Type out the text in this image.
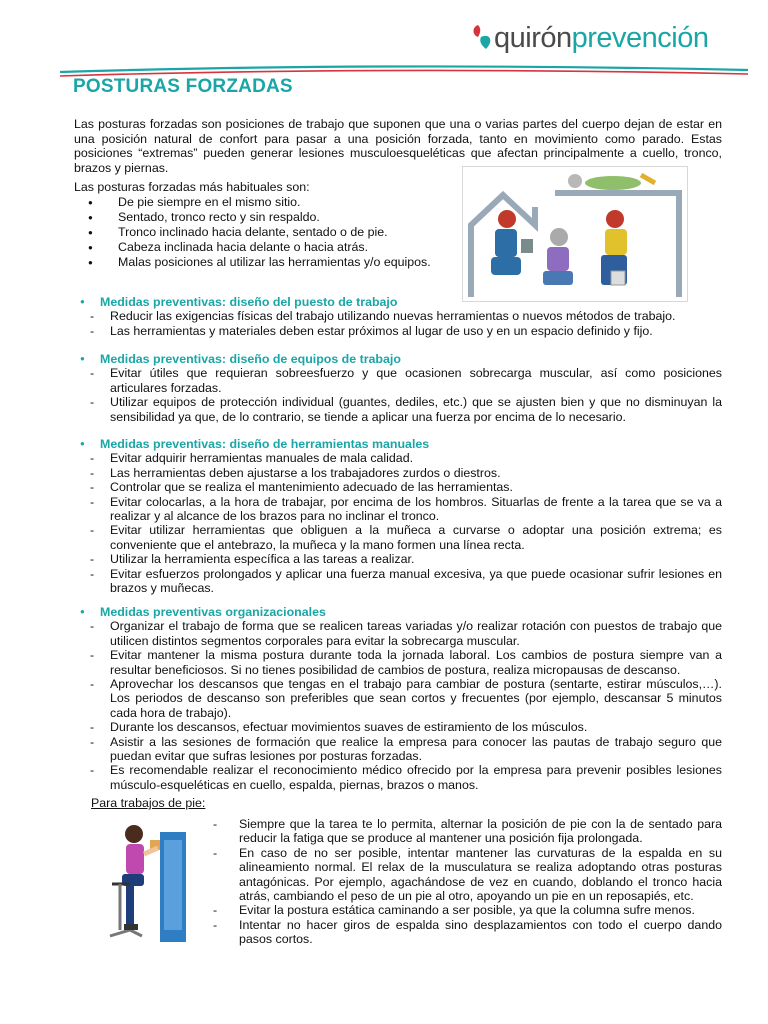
quirónprevención
POSTURAS FORZADAS
Las posturas forzadas son posiciones de trabajo que suponen que una o varias partes del cuerpo dejan de estar en una posición natural de confort para pasar a una posición forzada, tanto en movimiento como parado. Estas posiciones “extremas” pueden generar lesiones musculoesqueléticas que afectan principalmente a cuello, tronco, brazos y piernas.
Las posturas forzadas más habituales son:
● De pie siempre en el mismo sitio.
● Sentado, tronco recto y sin respaldo.
● Tronco inclinado hacia delante, sentado o de pie.
● Cabeza inclinada hacia delante o hacia atrás.
● Malas posiciones al utilizar las herramientas y/o equipos.
● Medidas preventivas: diseño del puesto de trabajo
- Reducir las exigencias físicas del trabajo utilizando nuevas herramientas o nuevos métodos de trabajo.
- Las herramientas y materiales deben estar próximos al lugar de uso y en un espacio definido y fijo.
● Medidas preventivas: diseño de equipos de trabajo
- Evitar útiles que requieran sobreesfuerzo y que ocasionen sobrecarga muscular, así como posiciones articulares forzadas.
- Utilizar equipos de protección individual (guantes, dediles, etc.) que se ajusten bien y que no disminuyan la sensibilidad ya que, de lo contrario, se tiende a aplicar una fuerza por encima de lo necesario.
● Medidas preventivas: diseño de herramientas manuales
- Evitar adquirir herramientas manuales de mala calidad.
- Las herramientas deben ajustarse a los trabajadores zurdos o diestros.
- Controlar que se realiza el mantenimiento adecuado de las herramientas.
- Evitar colocarlas, a la hora de trabajar, por encima de los hombros. Situarlas de frente a la tarea que se va a realizar y al alcance de los brazos para no inclinar el tronco.
- Evitar utilizar herramientas que obliguen a la muñeca a curvarse o adoptar una posición extrema; es conveniente que el antebrazo, la muñeca y la mano formen una línea recta.
- Utilizar la herramienta específica a las tareas a realizar.
- Evitar esfuerzos prolongados y aplicar una fuerza manual excesiva, ya que puede ocasionar sufrir lesiones en brazos y muñecas.
● Medidas preventivas organizacionales
- Organizar el trabajo de forma que se realicen tareas variadas y/o realizar rotación con puestos de trabajo que utilicen distintos segmentos corporales para evitar la sobrecarga muscular.
- Evitar mantener la misma postura durante toda la jornada laboral. Los cambios de postura siempre van a resultar beneficiosos. Si no tienes posibilidad de cambios de postura, realiza micropausas de descanso.
- Aprovechar los descansos que tengas en el trabajo para cambiar de postura (sentarte, estirar músculos,…). Los periodos de descanso son preferibles que sean cortos y frecuentes (por ejemplo, descansar 5 minutos cada hora de trabajo).
- Durante los descansos, efectuar movimientos suaves de estiramiento de los músculos.
- Asistir a las sesiones de formación que realice la empresa para conocer las pautas de trabajo seguro que puedan evitar que sufras lesiones por posturas forzadas.
- Es recomendable realizar el reconocimiento médico ofrecido por la empresa para prevenir posibles lesiones músculo-esqueléticas en cuello, espalda, piernas, brazos o manos.
Para trabajos de pie:
- Siempre que la tarea te lo permita, alternar la posición de pie con la de sentado para reducir la fatiga que se produce al mantener una posición fija prolongada.
- En caso de no ser posible, intentar mantener las curvaturas de la espalda en su alineamiento normal. El relax de la musculatura se realiza adoptando otras posturas antagónicas. Por ejemplo, agachándose de vez en cuando, doblando el tronco hacia atrás, cambiando el peso de un pie al otro, apoyando un pie en un reposapiés, etc.
- Evitar la postura estática caminando a ser posible, ya que la columna sufre menos.
- Intentar no hacer giros de espalda sino desplazamientos con todo el cuerpo dando pasos cortos.
